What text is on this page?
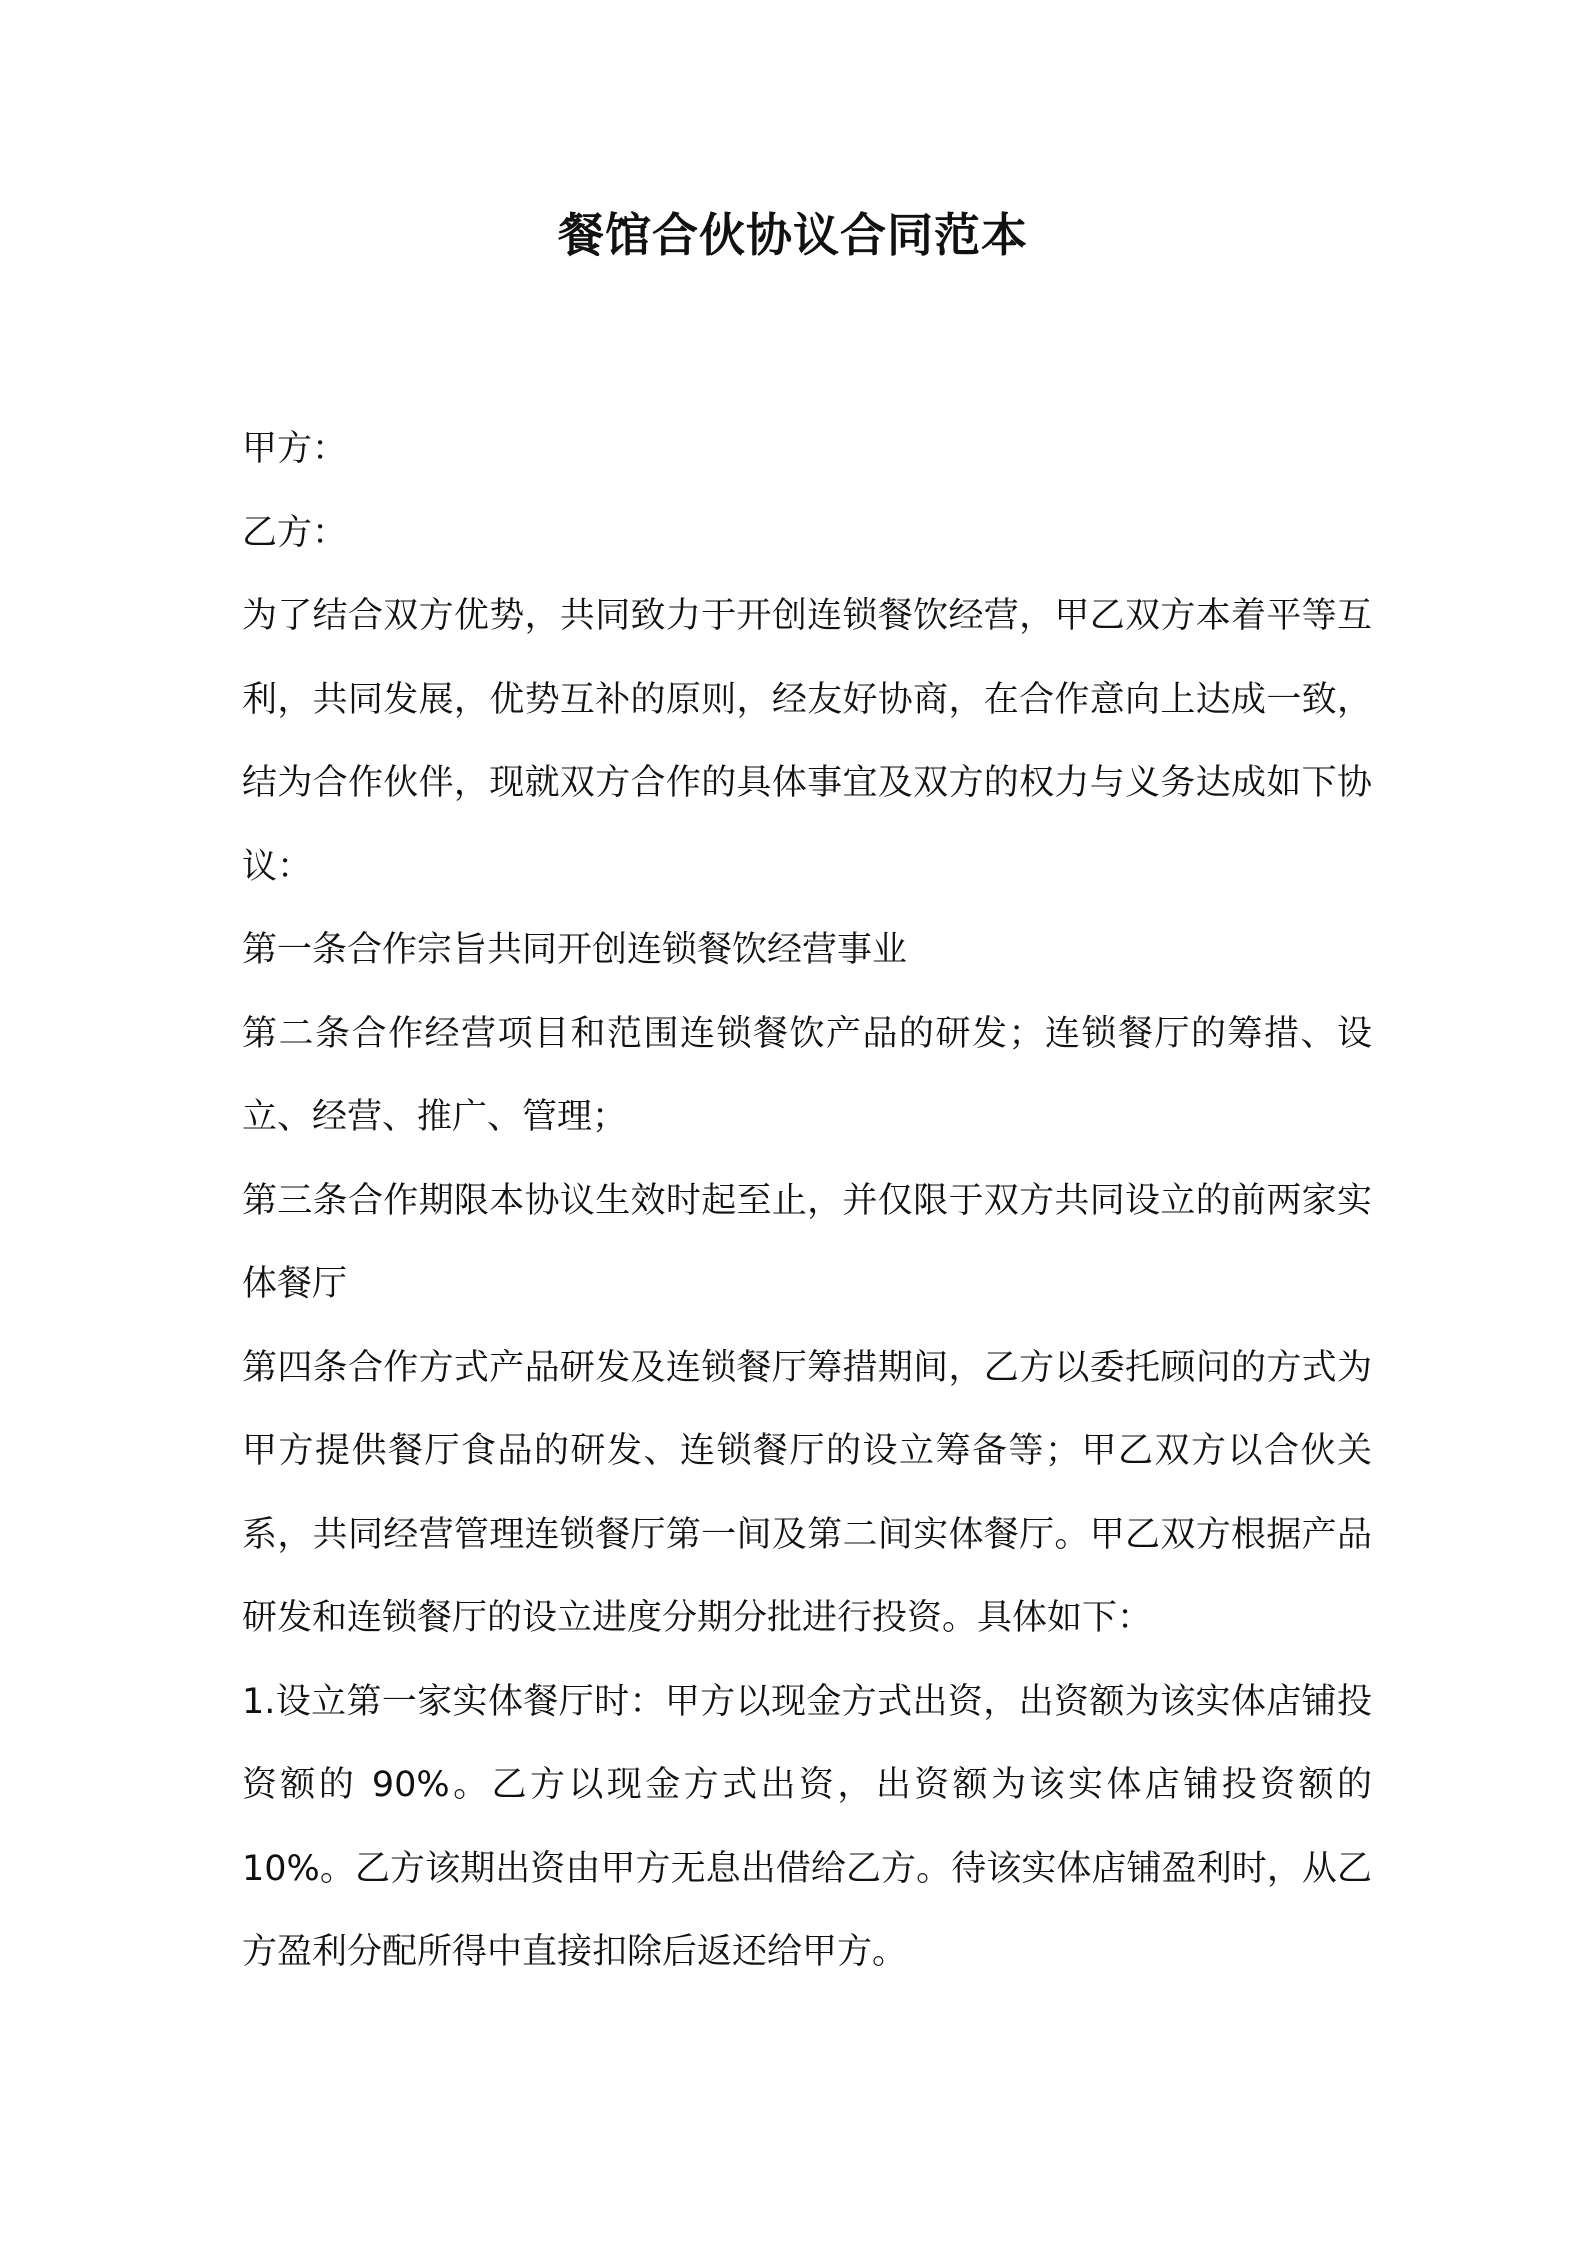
餐馆合伙协议合同范本

甲方：

乙方：

为了结合双方优势，共同致力于开创连锁餐饮经营，甲乙双方本着平等互利，共同发展，优势互补的原则，经友好协商，在合作意向上达成一致，结为合作伙伴，现就双方合作的具体事宜及双方的权力与义务达成如下协议：

第一条合作宗旨共同开创连锁餐饮经营事业

第二条合作经营项目和范围连锁餐饮产品的研发；连锁餐厅的筹措、设立、经营、推广、管理；

第三条合作期限本协议生效时起至止，并仅限于双方共同设立的前两家实体餐厅

第四条合作方式产品研发及连锁餐厅筹措期间，乙方以委托顾问的方式为甲方提供餐厅食品的研发、连锁餐厅的设立筹备等；甲乙双方以合伙关系，共同经营管理连锁餐厅第一间及第二间实体餐厅。甲乙双方根据产品研发和连锁餐厅的设立进度分期分批进行投资。具体如下：

1.设立第一家实体餐厅时：甲方以现金方式出资，出资额为该实体店铺投资额的 90%。乙方以现金方式出资，出资额为该实体店铺投资额的 10%。乙方该期出资由甲方无息出借给乙方。待该实体店铺盈利时，从乙方盈利分配所得中直接扣除后返还给甲方。
